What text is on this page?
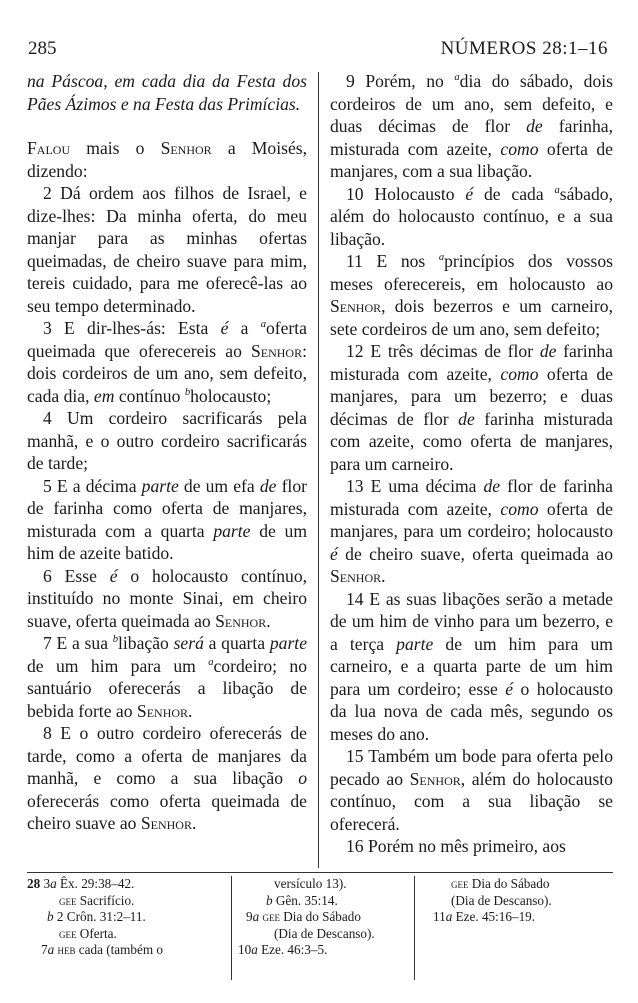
285	NÚMEROS 28:1–16
na Páscoa, em cada dia da Festa dos Pães Ázimos e na Festa das Primícias.

Falou mais o Senhor a Moisés, dizendo:

2 Dá ordem aos filhos de Israel, e dize-lhes: Da minha oferta, do meu manjar para as minhas ofertas queimadas, de cheiro suave para mim, tereis cuidado, para me oferecê-las ao seu tempo determinado.

3 E dir-lhes-ás: Esta é a $^a$oferta queimada que oferecereis ao Senhor: dois cordeiros de um ano, sem defeito, cada dia, em contínuo $^b$holocausto;

4 Um cordeiro sacrificarás pela manhã, e o outro cordeiro sacrificarás de tarde;

5 E a décima parte de um efa de flor de farinha como oferta de manjares, misturada com a quarta parte de um him de azeite batido.

6 Esse é o holocausto contínuo, instituído no monte Sinai, em cheiro suave, oferta queimada ao Senhor.

7 E a sua $^b$libação será a quarta parte de um him para um $^a$cordeiro; no santuário oferecerás a libação de bebida forte ao Senhor.

8 E o outro cordeiro oferecerás de tarde, como a oferta de manjares da manhã, e como a sua libação o oferecerás como oferta queimada de cheiro suave ao Senhor.

9 Porém, no $^a$dia do sábado, dois cordeiros de um ano, sem defeito, e duas décimas de flor de farinha, misturada com azeite, como oferta de manjares, com a sua libação.

10 Holocausto é de cada $^a$sábado, além do holocausto contínuo, e a sua libação.

11 E nos $^a$princípios dos vossos meses oferecereis, em holocausto ao Senhor, dois bezerros e um carneiro, sete cordeiros de um ano, sem defeito;

12 E três décimas de flor de farinha misturada com azeite, como oferta de manjares, para um bezerro; e duas décimas de flor de farinha misturada com azeite, como oferta de manjares, para um carneiro.

13 E uma décima de flor de farinha misturada com azeite, como oferta de manjares, para um cordeiro; holocausto é de cheiro suave, oferta queimada ao Senhor.

14 E as suas libações serão a metade de um him de vinho para um bezerro, e a terça parte de um him para um carneiro, e a quarta parte de um him para um cordeiro; esse é o holocausto da lua nova de cada mês, segundo os meses do ano.

15 Também um bode para oferta pelo pecado ao Senhor, além do holocausto contínuo, com a sua libação se oferecerá.

16 Porém no mês primeiro, aos

28 3a Êx. 29:38–42.
gee Sacrifício.
b 2 Crôn. 31:2–11.
gee Oferta.
7a heb cada (também o
versículo 13).
b Gên. 35:14.
9a gee Dia do Sábado
(Dia de Descanso).
10a Eze. 46:3–5.
gee Dia do Sábado
(Dia de Descanso).
11a Eze. 45:16–19.
